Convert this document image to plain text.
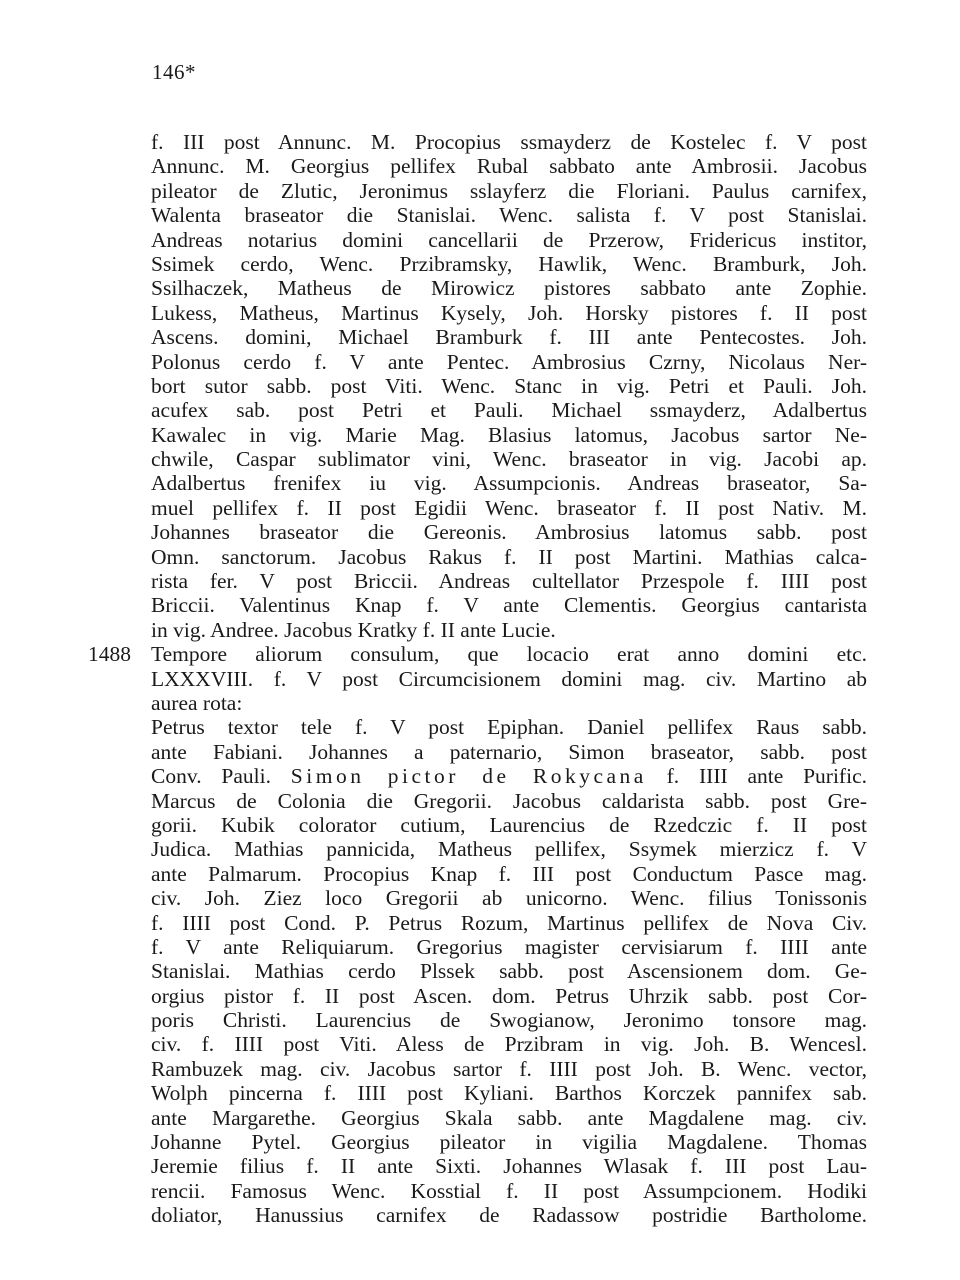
146*
1488
f. III post Annunc. M. Procopius ssmayderz de Kostelec f. V post
Annunc. M. Georgius pellifex Rubal sabbato ante Ambrosii. Jacobus
pileator de Zlutic, Jeronimus sslayferz die Floriani. Paulus carnifex,
Walenta braseator die Stanislai. Wenc. salista f. V post Stanislai.
Andreas notarius domini cancellarii de Przerow, Fridericus institor,
Ssimek cerdo, Wenc. Przibramsky, Hawlik, Wenc. Bramburk, Joh.
Ssilhaczek, Matheus de Mirowicz pistores sabbato ante Zophie.
Lukess, Matheus, Martinus Kysely, Joh. Horsky pistores f. II post
Ascens. domini, Michael Bramburk f. III ante Pentecostes. Joh.
Polonus cerdo f. V ante Pentec. Ambrosius Czrny, Nicolaus Ner-
bort sutor sabb. post Viti. Wenc. Stanc in vig. Petri et Pauli. Joh.
acufex sab. post Petri et Pauli. Michael ssmayderz, Adalbertus
Kawalec in vig. Marie Mag. Blasius latomus, Jacobus sartor Ne-
chwile, Caspar sublimator vini, Wenc. braseator in vig. Jacobi ap.
Adalbertus frenifex iu vig. Assumpcionis. Andreas braseator, Sa-
muel pellifex f. II post Egidii Wenc. braseator f. II post Nativ. M.
Johannes braseator die Gereonis. Ambrosius latomus sabb. post
Omn. sanctorum. Jacobus Rakus f. II post Martini. Mathias calca-
rista fer. V post Briccii. Andreas cultellator Przespole f. IIII post
Briccii. Valentinus Knap f. V ante Clementis. Georgius cantarista
in vig. Andree. Jacobus Kratky f. II ante Lucie.
Tempore aliorum consulum, que locacio erat anno domini etc.
LXXXVIII. f. V post Circumcisionem domini mag. civ. Martino ab
aurea rota:
Petrus textor tele f. V post Epiphan. Daniel pellifex Raus sabb.
ante Fabiani. Johannes a paternario, Simon braseator, sabb. post
Conv. Pauli. Simon pictor de Rokycana f. IIII ante Purific.
Marcus de Colonia die Gregorii. Jacobus caldarista sabb. post Gre-
gorii. Kubik colorator cutium, Laurencius de Rzedczic f. II post
Judica. Mathias pannicida, Matheus pellifex, Ssymek mierzicz f. V
ante Palmarum. Procopius Knap f. III post Conductum Pasce mag.
civ. Joh. Ziez loco Gregorii ab unicorno. Wenc. filius Tonissonis
f. IIII post Cond. P. Petrus Rozum, Martinus pellifex de Nova Civ.
f. V ante Reliquiarum. Gregorius magister cervisiarum f. IIII ante
Stanislai. Mathias cerdo Plssek sabb. post Ascensionem dom. Ge-
orgius pistor f. II post Ascen. dom. Petrus Uhrzik sabb. post Cor-
poris Christi. Laurencius de Swogianow, Jeronimo tonsore mag.
civ. f. IIII post Viti. Aless de Przibram in vig. Joh. B. Wencesl.
Rambuzek mag. civ. Jacobus sartor f. IIII post Joh. B. Wenc. vector,
Wolph pincerna f. IIII post Kyliani. Barthos Korczek pannifex sab.
ante Margarethe. Georgius Skala sabb. ante Magdalene mag. civ.
Johanne Pytel. Georgius pileator in vigilia Magdalene. Thomas
Jeremie filius f. II ante Sixti. Johannes Wlasak f. III post Lau-
rencii. Famosus Wenc. Kosstial f. II post Assumpcionem. Hodiki
doliator, Hanussius carnifex de Radassow postridie Bartholome.
